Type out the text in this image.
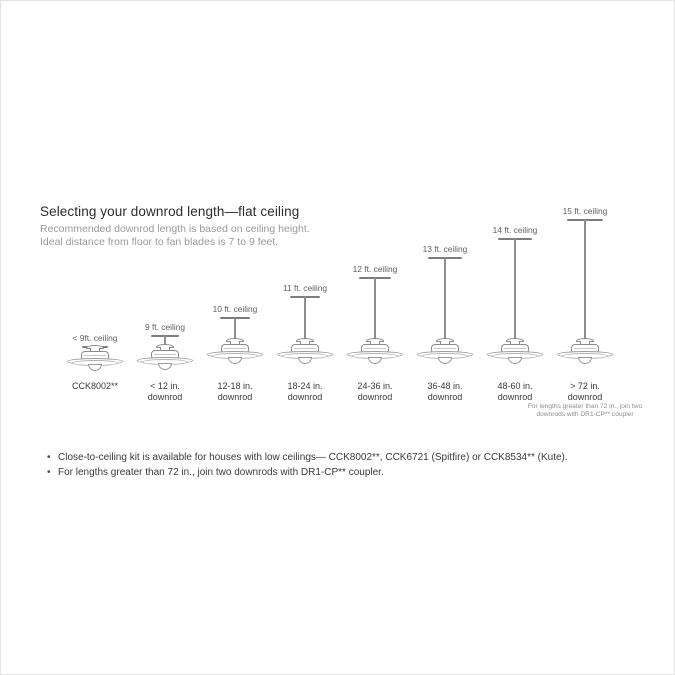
Selecting your downrod length—flat ceiling

Recommended downrod length is based on ceiling height.
Ideal distance from floor to fan blades is 7 to 9 feet.

< 9ft. ceiling
CCK8002**
9 ft. ceiling
< 12 in.
downrod
10 ft. ceiling
12-18 in.
downrod
11 ft. ceiling
18-24 in.
downrod
12 ft. ceiling
24-36 in.
downrod
13 ft. ceiling
36-48 in.
downrod
14 ft. ceiling
48-60 in.
downrod
15 ft. ceiling
> 72 in.
downrod
For lengths greater than 72 in., join two downrods with DR1-CP** coupler
• Close-to-ceiling kit is available for houses with low ceilings— CCK8002**, CCK6721 (Spitfire) or CCK8534** (Kute).
• For lengths greater than 72 in., join two downrods with DR1-CP** coupler.
